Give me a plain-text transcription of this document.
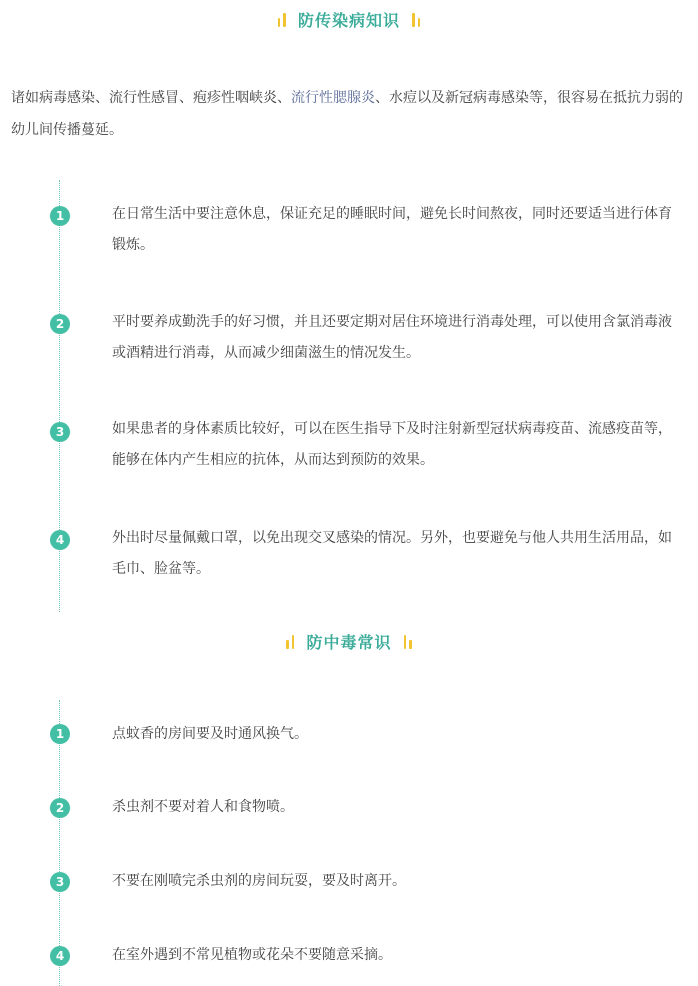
防传染病知识
诸如病毒感染、流行性感冒、疱疹性咽峡炎、流行性腮腺炎、水痘以及新冠病毒感染等，很容易在抵抗力弱的幼儿间传播蔓延。
1	在日常生活中要注意休息，保证充足的睡眠时间，避免长时间熬夜，同时还要适当进行体育锻炼。
2	平时要养成勤洗手的好习惯，并且还要定期对居住环境进行消毒处理，可以使用含氯消毒液或酒精进行消毒，从而减少细菌滋生的情况发生。
3	如果患者的身体素质比较好，可以在医生指导下及时注射新型冠状病毒疫苗、流感疫苗等，能够在体内产生相应的抗体，从而达到预防的效果。
4	外出时尽量佩戴口罩，以免出现交叉感染的情况。另外，也要避免与他人共用生活用品，如毛巾、脸盆等。
防中毒常识
1	点蚊香的房间要及时通风换气。
2	杀虫剂不要对着人和食物喷。
3	不要在刚喷完杀虫剂的房间玩耍，要及时离开。
4	在室外遇到不常见植物或花朵不要随意采摘。
